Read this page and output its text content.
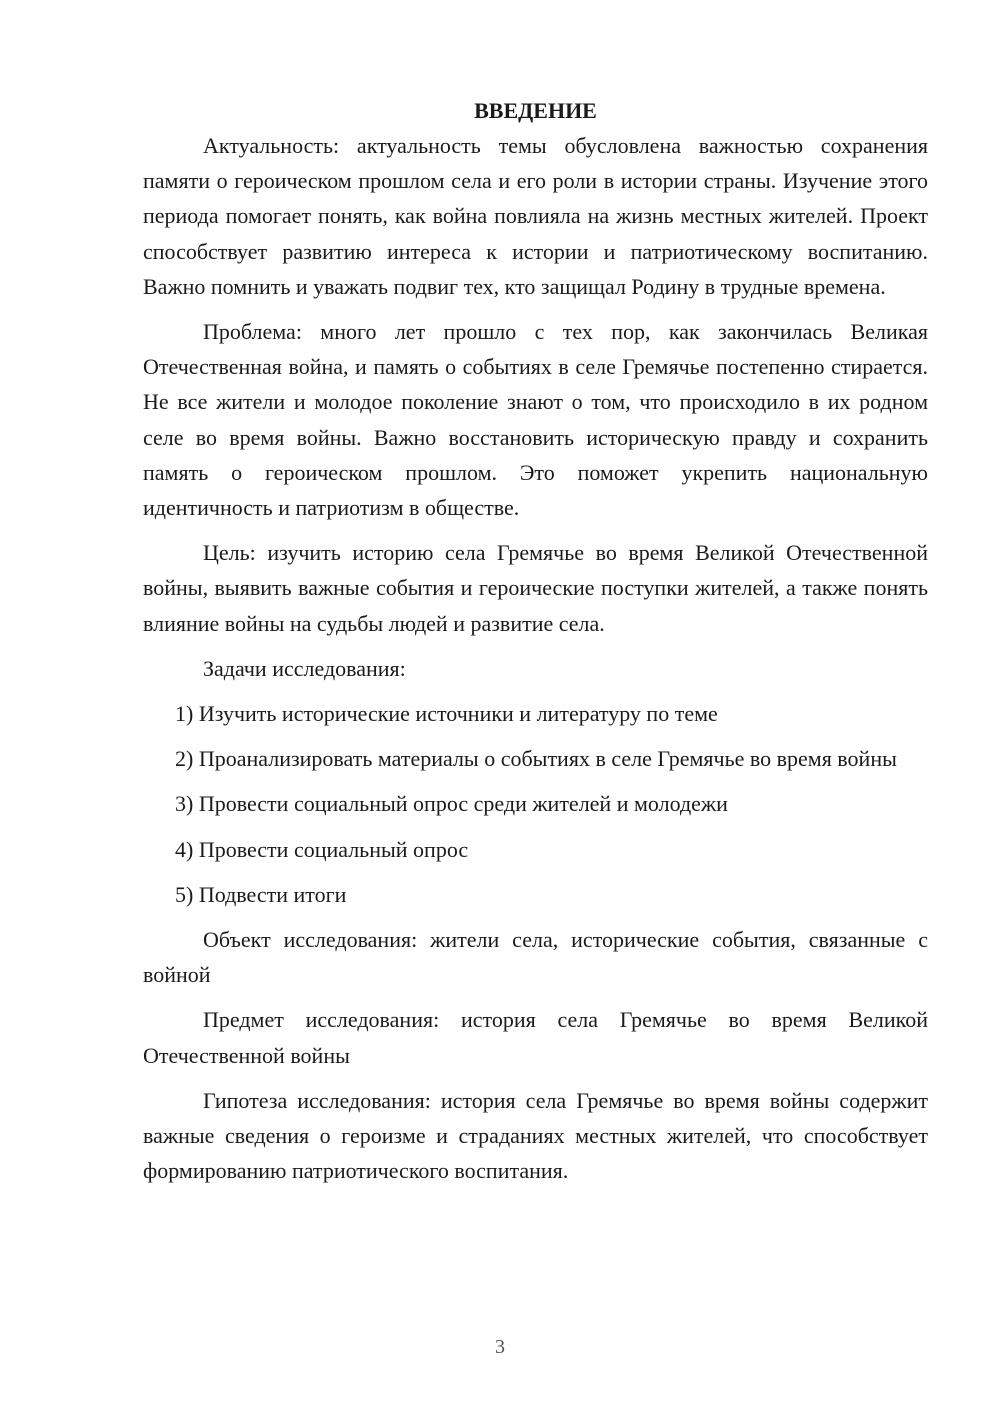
ВВЕДЕНИЕ

Актуальность: актуальность темы обусловлена важностью сохранения памяти о героическом прошлом села и его роли в истории страны. Изучение этого периода помогает понять, как война повлияла на жизнь местных жителей. Проект способствует развитию интереса к истории и патриотическому воспитанию. Важно помнить и уважать подвиг тех, кто защищал Родину в трудные времена.

Проблема: много лет прошло с тех пор, как закончилась Великая Отечественная война, и память о событиях в селе Гремячье постепенно стирается. Не все жители и молодое поколение знают о том, что происходило в их родном селе во время войны. Важно восстановить историческую правду и сохранить память о героическом прошлом. Это поможет укрепить национальную идентичность и патриотизм в обществе.

Цель: изучить историю села Гремячье во время Великой Отечественной войны, выявить важные события и героические поступки жителей, а также понять влияние войны на судьбы людей и развитие села.

Задачи исследования:

1) Изучить исторические источники и литературу по теме

2) Проанализировать материалы о событиях в селе Гремячье во время войны

3) Провести социальный опрос среди жителей и молодежи

4) Провести социальный опрос

5) Подвести итоги

Объект исследования: жители села, исторические события, связанные с войной

Предмет исследования: история села Гремячье во время Великой Отечественной войны

Гипотеза исследования: история села Гремячье во время войны содержит важные сведения о героизме и страданиях местных жителей, что способствует формированию патриотического воспитания.

3
